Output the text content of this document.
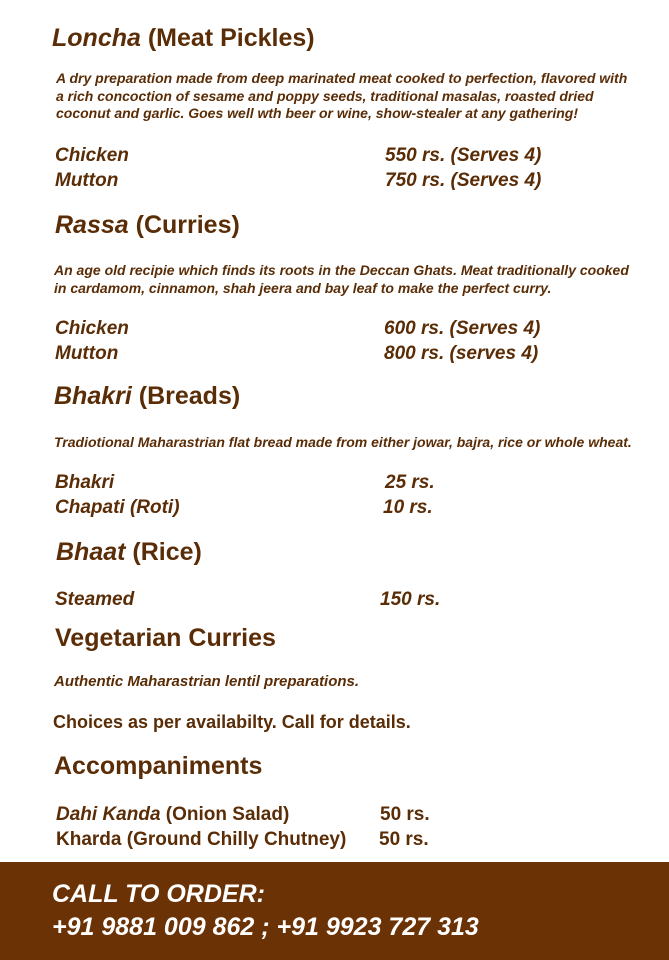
Loncha (Meat Pickles)
A dry preparation made from deep marinated meat cooked to perfection, flavored with a rich concoction of sesame and poppy seeds, traditional masalas, roasted dried coconut and garlic. Goes well wth beer or wine, show-stealer at any gathering!
Chicken	550 rs. (Serves 4)
Mutton	750 rs. (Serves 4)
Rassa (Curries)
An age old recipie which finds its roots in the Deccan Ghats. Meat traditionally cooked in cardamom, cinnamon, shah jeera and bay leaf to make the perfect curry.
Chicken	600 rs. (Serves 4)
Mutton	800 rs. (serves 4)
Bhakri (Breads)
Tradiotional Maharastrian flat bread made from either jowar, bajra, rice or whole wheat.
Bhakri	25 rs.
Chapati (Roti)	10 rs.
Bhaat (Rice)
Steamed	150 rs.
Vegetarian Curries
Authentic Maharastrian lentil preparations.
Choices as per availabilty. Call for details.
Accompaniments
Dahi Kanda (Onion Salad)	50 rs.
Kharda (Ground Chilly Chutney) 50 rs.
CALL TO ORDER:
+91 9881 009 862 ; +91 9923 727 313
